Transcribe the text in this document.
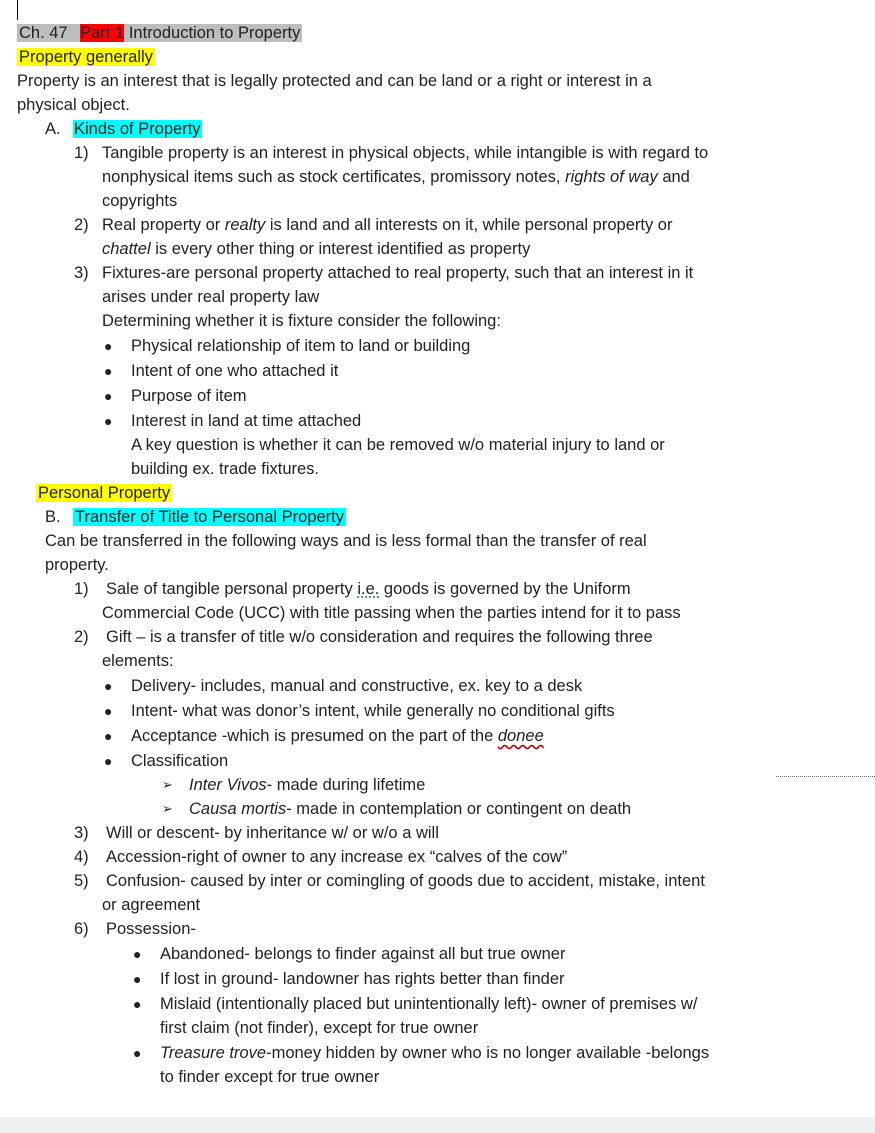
Ch. 47 Part 1 Introduction to Property
Property generally
Property is an interest that is legally protected and can be land or a right or interest in a
physical object.
A. Kinds of Property
1) Tangible property is an interest in physical objects, while intangible is with regard to
nonphysical items such as stock certificates, promissory notes, rights of way and
copyrights
2) Real property or realty is land and all interests on it, while personal property or
chattel is every other thing or interest identified as property
3) Fixtures-are personal property attached to real property, such that an interest in it
arises under real property law
Determining whether it is fixture consider the following:
● Physical relationship of item to land or building
● Intent of one who attached it
● Purpose of item
● Interest in land at time attached
A key question is whether it can be removed w/o material injury to land or
building ex. trade fixtures.
Personal Property
B. Transfer of Title to Personal Property
Can be transferred in the following ways and is less formal than the transfer of real
property.
1) Sale of tangible personal property i.e. goods is governed by the Uniform
Commercial Code (UCC) with title passing when the parties intend for it to pass
2) Gift – is a transfer of title w/o consideration and requires the following three
elements:
● Delivery- includes, manual and constructive, ex. key to a desk
● Intent- what was donor’s intent, while generally no conditional gifts
● Acceptance -which is presumed on the part of the donee
● Classification
➢ Inter Vivos- made during lifetime
➢ Causa mortis- made in contemplation or contingent on death
3) Will or descent- by inheritance w/ or w/o a will
4) Accession-right of owner to any increase ex “calves of the cow”
5) Confusion- caused by inter or comingling of goods due to accident, mistake, intent
or agreement
6) Possession-
● Abandoned- belongs to finder against all but true owner
● If lost in ground- landowner has rights better than finder
● Mislaid (intentionally placed but unintentionally left)- owner of premises w/
first claim (not finder), except for true owner
● Treasure trove-money hidden by owner who is no longer available -belongs
to finder except for true owner
